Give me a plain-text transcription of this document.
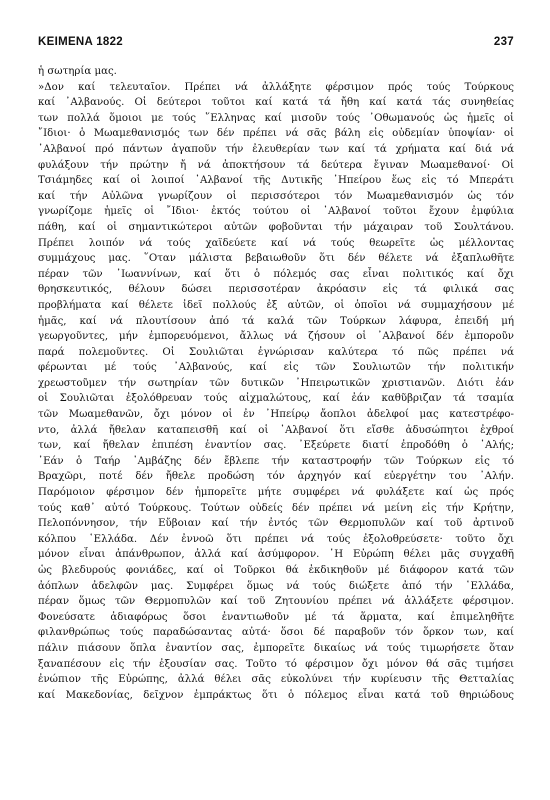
KEIMENA 1822	237
ἡ σωτηρία μας.
»Δον καί τελευταῖον. Πρέπει νά ἀλλάξητε φέρσιμον πρός τούς Τούρκους
καί ᾿Αλβανούς. Οἱ δεύτεροι τοῦτοι καί κατά τά ἤθη καί κατά τάς συνηθείας
των πολλά ὅμοιοι με τούς ῞Ελληνας καί μισοῦν τούς ᾿Οθωμανούς ὡς ἡμεῖς οἱ
῎Ιδιοι· ὁ Μωαμεθανισμός των δέν πρέπει νά σᾶς βάλη εἰς οὐδεμίαν ὑποψίαν· οἱ
᾿Αλβανοί πρό πάντων ἀγαποῦν τήν ἐλευθερίαν των καί τά χρήματα καί διά νά
φυλάξουν τήν πρώτην ἤ νά ἀποκτήσουν τά δεύτερα ἔγιναν Μωαμεθανοί· Οἱ
Τσιάμηδες καί οἱ λοιποί ᾿Αλβανοί τῆς Δυτικῆς ᾿Ηπείρου ἕως εἰς τό Μπεράτι
καί τήν Αὐλῶνα γνωρίζουν οἱ περισσότεροι τόν Μωαμεθανισμόν ὡς τόν
γνωρίζομε ἡμεῖς οἱ ῎Ιδιοι· ἐκτός τούτου οἱ ᾿Αλβανοί τοῦτοι ἔχουν ἐμφύλια
πάθη, καί οἱ σημαντικώτεροι αὐτῶν φοβοῦνται τήν μάχαιραν τοῦ Σουλτάνου.
Πρέπει λοιπόν νά τούς χαϊδεύετε καί νά τούς θεωρεῖτε ὡς μέλλοντας
συμμάχους μας. ῞Οταν μάλιστα βεβαιωθοῦν ὅτι δέν θέλετε νά ἐξαπλωθῆτε
πέραν τῶν ᾿Ιωαννίνων, καί ὅτι ὁ πόλεμός σας εἶναι πολιτικός καί ὄχι
θρησκευτικός, θέλουν δώσει περισσοτέραν ἀκρόασιν εἰς τά φιλικά σας
προβλήματα καί θέλετε ἰδεῖ πολλούς ἐξ αὐτῶν, οἱ ὁποῖοι νά συμμαχήσουν μέ
ἡμᾶς, καί νά πλουτίσουν ἀπό τά καλά τῶν Τούρκων λάφυρα, ἐπειδή μή
γεωργοῦντες, μήν ἐμπορευόμενοι, ἄλλως νά ζήσουν οἱ ᾿Αλβανοί δέν ἐμποροῦν
παρά πολεμοῦντες. Οἱ Σουλιῶται ἐγνώρισαν καλύτερα τό πῶς πρέπει νά
φέρωνται μέ τούς ᾿Αλβανούς, καί εἰς τῶν Σουλιωτῶν τήν πολιτικήν
χρεωστοῦμεν τήν σωτηρίαν τῶν δυτικῶν ᾿Ηπειρωτικῶν χριστιανῶν. Διότι ἐάν
οἱ Σουλιῶται ἐξολόθρευαν τούς αἰχμαλώτους, καί ἐάν καθῦβριζαν τά τσαμία
τῶν Μωαμεθανῶν, ὄχι μόνον οἱ ἐν ᾿Ηπείρῳ ἄοπλοι ἀδελφοί μας κατεστρέφο-
ντο, ἀλλά ἤθελαν καταπεισθῆ καί οἱ ᾿Αλβανοί ὅτι εἴσθε ἀδυσώπητοι ἐχθροί
των, καί ἤθελαν ἐπιπέση ἐναντίον σας. ᾿Εξεύρετε διατί ἐπροδόθη ὁ ᾿Αλής;
᾿Εάν ὁ Ταήρ ᾿Αμβάζης δέν ἔβλεπε τήν καταστροφήν τῶν Τούρκων εἰς τό
Βραχῶρι, ποτέ δέν ἤθελε προδώση τόν ἀρχηγόν καί εὐεργέτην του ᾿Αλήν.
Παρόμοιον φέρσιμον δέν ἠμπορεῖτε μήτε συμφέρει νά φυλάξετε καί ὡς πρός
τούς καθ᾿ αὐτό Τούρκους. Τούτων οὐδείς δέν πρέπει νά μείνη εἰς τήν Κρήτην,
Πελοπόννησον, τήν Εὔβοιαν καί τήν ἐντός τῶν Θερμοπυλῶν καί τοῦ ἀρτινοῦ
κόλπου ῾Ελλάδα. Δέν ἐννοῶ ὅτι πρέπει νά τούς ἐξολοθρεύσετε· τοῦτο ὄχι
μόνον εἶναι ἀπάνθρωπον, ἀλλά καί ἀσύμφορον. ῾Η Εὐρώπη θέλει μᾶς συγχαθῆ
ὡς βλεδυρούς φονιάδες, καί οἱ Τοῦρκοι θά ἐκδικηθοῦν μέ διάφορον κατά τῶν
ἀόπλων ἀδελφῶν μας. Συμφέρει ὅμως νά τούς διώξετε ἀπό τήν ῾Ελλάδα,
πέραν ὅμως τῶν Θερμοπυλῶν καί τοῦ Ζητουνίου πρέπει νά ἀλλάξετε φέρσιμον.
Φονεύσατε ἀδιαφόρως ὅσοι ἐναντιωθοῦν μέ τά ἅρματα, καί ἐπιμεληθῆτε
φιλανθρώπως τούς παραδώσαντας αὐτά· ὅσοι δέ παραβοῦν τόν ὅρκον των, καί
πάλιν πιάσουν ὅπλα ἐναντίον σας, ἐμπορεῖτε δικαίως νά τούς τιμωρήσετε ὅταν
ξαναπέσουν εἰς τήν ἐξουσίαν σας. Τοῦτο τό φέρσιμον ὄχι μόνον θά σᾶς τιμήσει
ἐνώπιον τῆς Εὐρώπης, ἀλλά θέλει σᾶς εὐκολύνει τήν κυρίευσιν τῆς Θετταλίας
καί Μακεδονίας, δεῖχνον ἐμπράκτως ὅτι ὁ πόλεμος εἶναι κατά τοῦ θηριώδους
